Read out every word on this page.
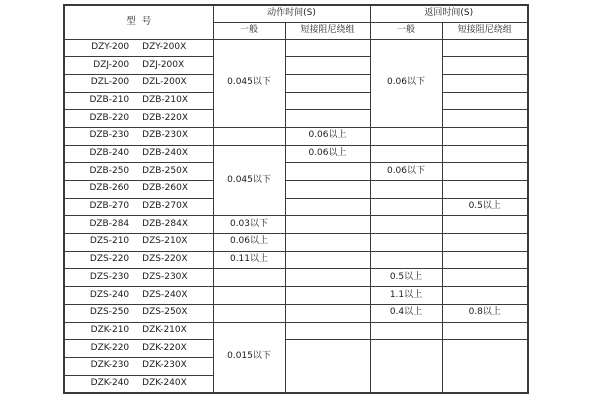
型  号	动作时间(S)		返回时间(S)	
	一般	短接阻尼绕组	一般	短接阻尼绕组

DZY-200 DZY-200X	0.045以下		0.06以下	

DZJ-200 DZJ-200X				

DZL-200 DZL-200X				

DZB-210 DZB-210X				

DZB-220 DZB-220X				

DZB-230 DZB-230X		0.06以上		

DZB-240 DZB-240X	0.045以下	0.06以上		

DZB-250 DZB-250X			0.06以下	

DZB-260 DZB-260X				

DZB-270 DZB-270X				0.5以上

DZB-284 DZB-284X	0.03以下			

DZS-210 DZS-210X	0.06以上			

DZS-220 DZS-220X	0.11以上			

DZS-230 DZS-230X			0.5以上	

DZS-240 DZS-240X			1.1以上	

DZS-250 DZS-250X			0.4以上	0.8以上

DZK-210 DZK-210X	0.015以下			

DZK-220 DZK-220X				

DZK-230 DZK-230X				

DZK-240 DZK-240X				
